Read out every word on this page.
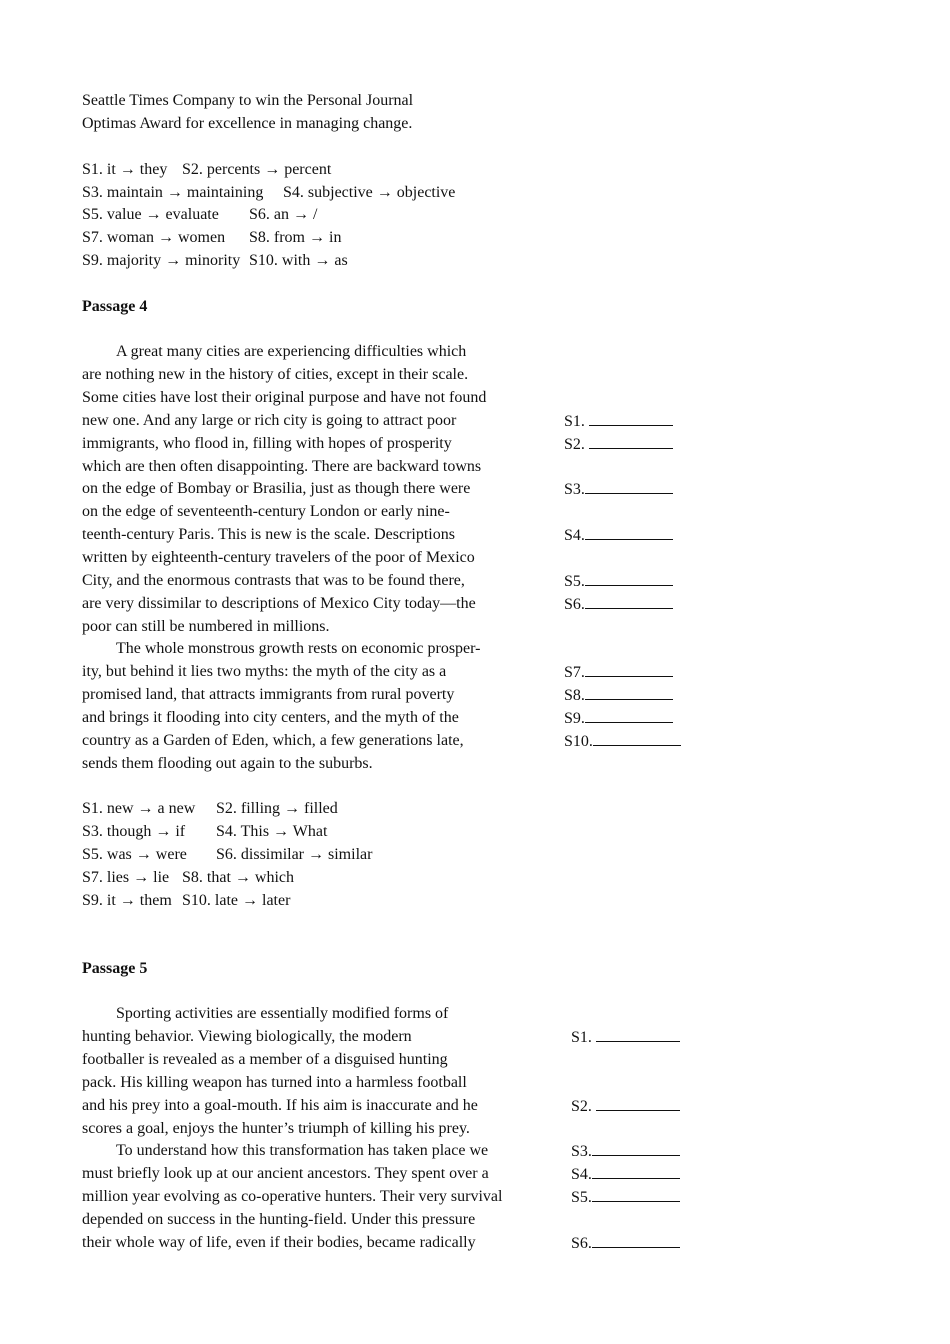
Seattle Times Company to win the Personal Journal
Optimas Award for excellence in managing change.
S1. it → they S2. percents → percent
S3. maintain → maintaining S4. subjective → objective
S5. value → evaluate S6. an → /
S7. woman → women S8. from → in
S9. majority → minority S10. with → as
Passage 4
A great many cities are experiencing difficulties which
are nothing new in the history of cities, except in their scale.
Some cities have lost their original purpose and have not found
new one. And any large or rich city is going to attract poor
immigrants, who flood in, filling with hopes of prosperity
which are then often disappointing. There are backward towns
on the edge of Bombay or Brasilia, just as though there were
on the edge of seventeenth-century London or early nine-
teenth-century Paris. This is new is the scale. Descriptions
written by eighteenth-century travelers of the poor of Mexico
City, and the enormous contrasts that was to be found there,
are very dissimilar to descriptions of Mexico City today—the
poor can still be numbered in millions.
The whole monstrous growth rests on economic prosper-
ity, but behind it lies two myths: the myth of the city as a
promised land, that attracts immigrants from rural poverty
and brings it flooding into city centers, and the myth of the
country as a Garden of Eden, which, a few generations late,
sends them flooding out again to the suburbs.
S1.
S2.
S3.
S4.
S5.
S6.
S7.
S8.
S9.
S10.
S1. new → a new S2. filling → filled
S3. though → if S4. This → What
S5. was → were S6. dissimilar → similar
S7. lies → lie S8. that → which
S9. it → them S10. late → later
Passage 5
Sporting activities are essentially modified forms of
hunting behavior. Viewing biologically, the modern
footballer is revealed as a member of a disguised hunting
pack. His killing weapon has turned into a harmless football
and his prey into a goal-mouth. If his aim is inaccurate and he
scores a goal, enjoys the hunter’s triumph of killing his prey.
To understand how this transformation has taken place we
must briefly look up at our ancient ancestors. They spent over a
million year evolving as co-operative hunters. Their very survival
depended on success in the hunting-field. Under this pressure
their whole way of life, even if their bodies, became radically
S1.
S2.
S3.
S4.
S5.
S6.
